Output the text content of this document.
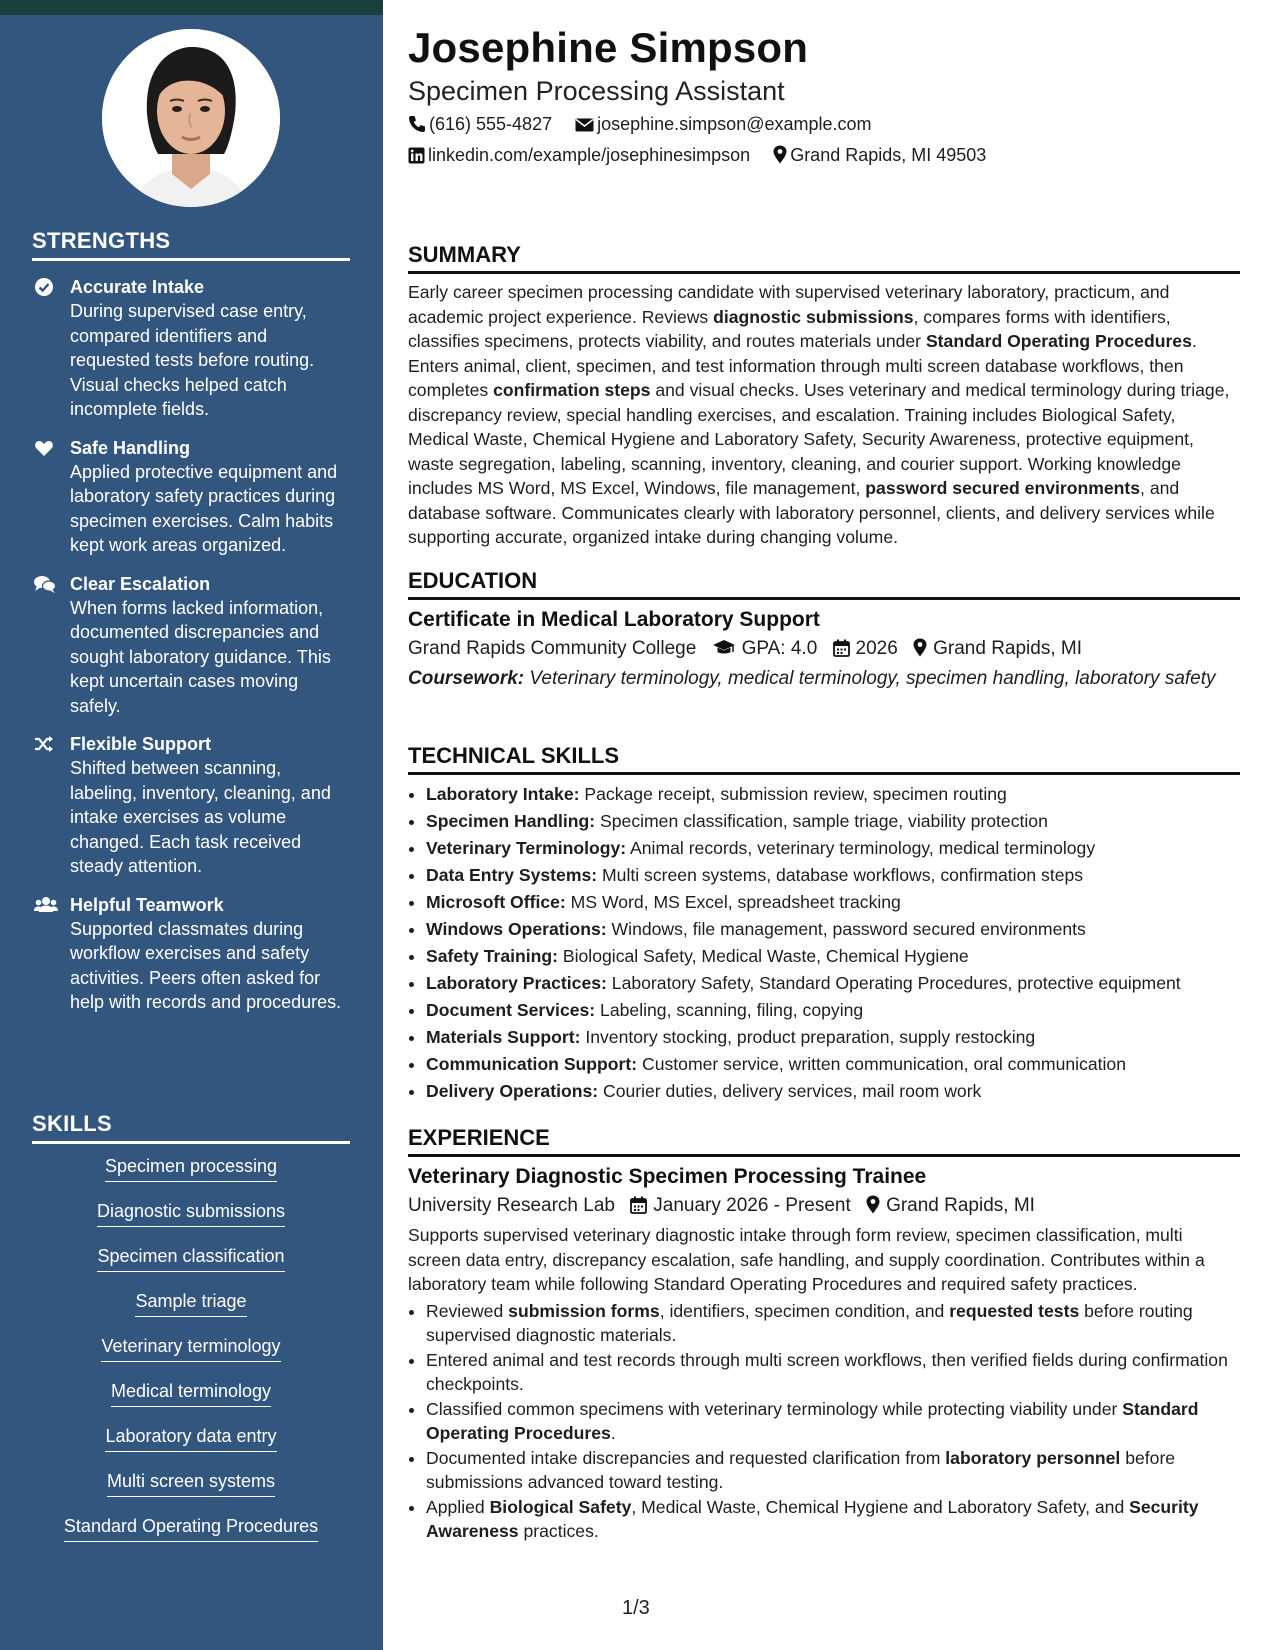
STRENGTHS
Accurate Intake
During supervised case entry, compared identifiers and requested tests before routing. Visual checks helped catch incomplete fields.
Safe Handling
Applied protective equipment and laboratory safety practices during specimen exercises. Calm habits kept work areas organized.
Clear Escalation
When forms lacked information, documented discrepancies and sought laboratory guidance. This kept uncertain cases moving safely.
Flexible Support
Shifted between scanning, labeling, inventory, cleaning, and intake exercises as volume changed. Each task received steady attention.
Helpful Teamwork
Supported classmates during workflow exercises and safety activities. Peers often asked for help with records and procedures.
SKILLS
Specimen processing
Diagnostic submissions
Specimen classification
Sample triage
Veterinary terminology
Medical terminology
Laboratory data entry
Multi screen systems
Standard Operating Procedures
Josephine Simpson
Specimen Processing Assistant
(616) 555-4827	josephine.simpson@example.com
linkedin.com/example/josephinesimpson Grand Rapids, MI 49503
SUMMARY

Early career specimen processing candidate with supervised veterinary laboratory, practicum, and academic project experience. Reviews diagnostic submissions, compares forms with identifiers, classifies specimens, protects viability, and routes materials under Standard Operating Procedures. Enters animal, client, specimen, and test information through multi screen database workflows, then completes confirmation steps and visual checks. Uses veterinary and medical terminology during triage, discrepancy review, special handling exercises, and escalation. Training includes Biological Safety, Medical Waste, Chemical Hygiene and Laboratory Safety, Security Awareness, protective equipment, waste segregation, labeling, scanning, inventory, cleaning, and courier support. Working knowledge includes MS Word, MS Excel, Windows, file management, password secured environments, and database software. Communicates clearly with laboratory personnel, clients, and delivery services while supporting accurate, organized intake during changing volume.

EDUCATION
Certificate in Medical Laboratory Support
Grand Rapids Community College GPA: 4.0 2026 Grand Rapids, MI
Coursework: Veterinary terminology, medical terminology, specimen handling, laboratory safety
TECHNICAL SKILLS
• Laboratory Intake: Package receipt, submission review, specimen routing
• Specimen Handling: Specimen classification, sample triage, viability protection
• Veterinary Terminology: Animal records, veterinary terminology, medical terminology
• Data Entry Systems: Multi screen systems, database workflows, confirmation steps
• Microsoft Office: MS Word, MS Excel, spreadsheet tracking
• Windows Operations: Windows, file management, password secured environments
• Safety Training: Biological Safety, Medical Waste, Chemical Hygiene
• Laboratory Practices: Laboratory Safety, Standard Operating Procedures, protective equipment
• Document Services: Labeling, scanning, filing, copying
• Materials Support: Inventory stocking, product preparation, supply restocking
• Communication Support: Customer service, written communication, oral communication
• Delivery Operations: Courier duties, delivery services, mail room work
EXPERIENCE
Veterinary Diagnostic Specimen Processing Trainee
University Research Lab January 2026 - Present Grand Rapids, MI

Supports supervised veterinary diagnostic intake through form review, specimen classification, multi screen data entry, discrepancy escalation, safe handling, and supply coordination. Contributes within a laboratory team while following Standard Operating Procedures and required safety practices.

• Reviewed submission forms, identifiers, specimen condition, and requested tests before routing supervised diagnostic materials.
• Entered animal and test records through multi screen workflows, then verified fields during confirmation checkpoints.
• Classified common specimens with veterinary terminology while protecting viability under Standard Operating Procedures.
• Documented intake discrepancies and requested clarification from laboratory personnel before submissions advanced toward testing.
• Applied Biological Safety, Medical Waste, Chemical Hygiene and Laboratory Safety, and Security Awareness practices.
1/3
